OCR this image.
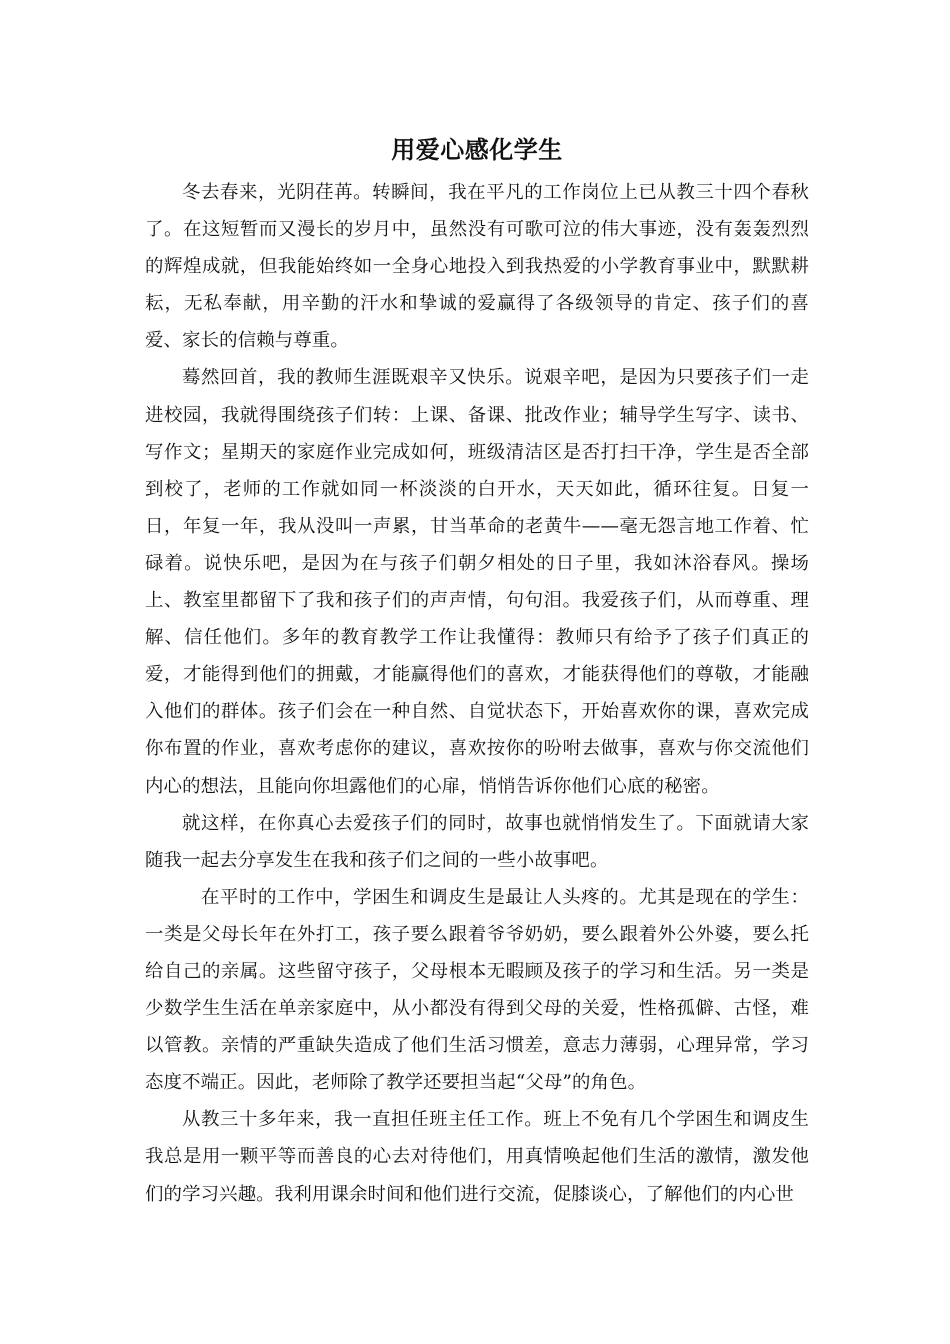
用爱心感化学生

冬去春来，光阴荏苒。转瞬间，我在平凡的工作岗位上已从教三十四个春秋了。在这短暂而又漫长的岁月中，虽然没有可歌可泣的伟大事迹，没有轰轰烈烈的辉煌成就，但我能始终如一全身心地投入到我热爱的小学教育事业中，默默耕耘，无私奉献，用辛勤的汗水和挚诚的爱赢得了各级领导的肯定、孩子们的喜爱、家长的信赖与尊重。

蓦然回首，我的教师生涯既艰辛又快乐。说艰辛吧，是因为只要孩子们一走进校园，我就得围绕孩子们转：上课、备课、批改作业；辅导学生写字、读书、写作文；星期天的家庭作业完成如何，班级清洁区是否打扫干净，学生是否全部到校了，老师的工作就如同一杯淡淡的白开水，天天如此，循环往复。日复一日，年复一年，我从没叫一声累，甘当革命的老黄牛——毫无怨言地工作着、忙碌着。说快乐吧，是因为在与孩子们朝夕相处的日子里，我如沐浴春风。操场上、教室里都留下了我和孩子们的声声情，句句泪。我爱孩子们，从而尊重、理解、信任他们。多年的教育教学工作让我懂得：教师只有给予了孩子们真正的爱，才能得到他们的拥戴，才能赢得他们的喜欢，才能获得他们的尊敬，才能融入他们的群体。孩子们会在一种自然、自觉状态下，开始喜欢你的课，喜欢完成你布置的作业，喜欢考虑你的建议，喜欢按你的吩咐去做事，喜欢与你交流他们内心的想法，且能向你坦露他们的心扉，悄悄告诉你他们心底的秘密。

就这样，在你真心去爱孩子们的同时，故事也就悄悄发生了。下面就请大家随我一起去分享发生在我和孩子们之间的一些小故事吧。

在平时的工作中，学困生和调皮生是最让人头疼的。尤其是现在的学生：一类是父母长年在外打工，孩子要么跟着爷爷奶奶，要么跟着外公外婆，要么托给自己的亲属。这些留守孩子，父母根本无暇顾及孩子的学习和生活。另一类是少数学生生活在单亲家庭中，从小都没有得到父母的关爱，性格孤僻、古怪，难以管教。亲情的严重缺失造成了他们生活习惯差，意志力薄弱，心理异常，学习态度不端正。因此，老师除了教学还要担当起“父母”的角色。

从教三十多年来，我一直担任班主任工作。班上不免有几个学困生和调皮生我总是用一颗平等而善良的心去对待他们，用真情唤起他们生活的激情，激发他们的学习兴趣。我利用课余时间和他们进行交流，促膝谈心，了解他们的内心世
